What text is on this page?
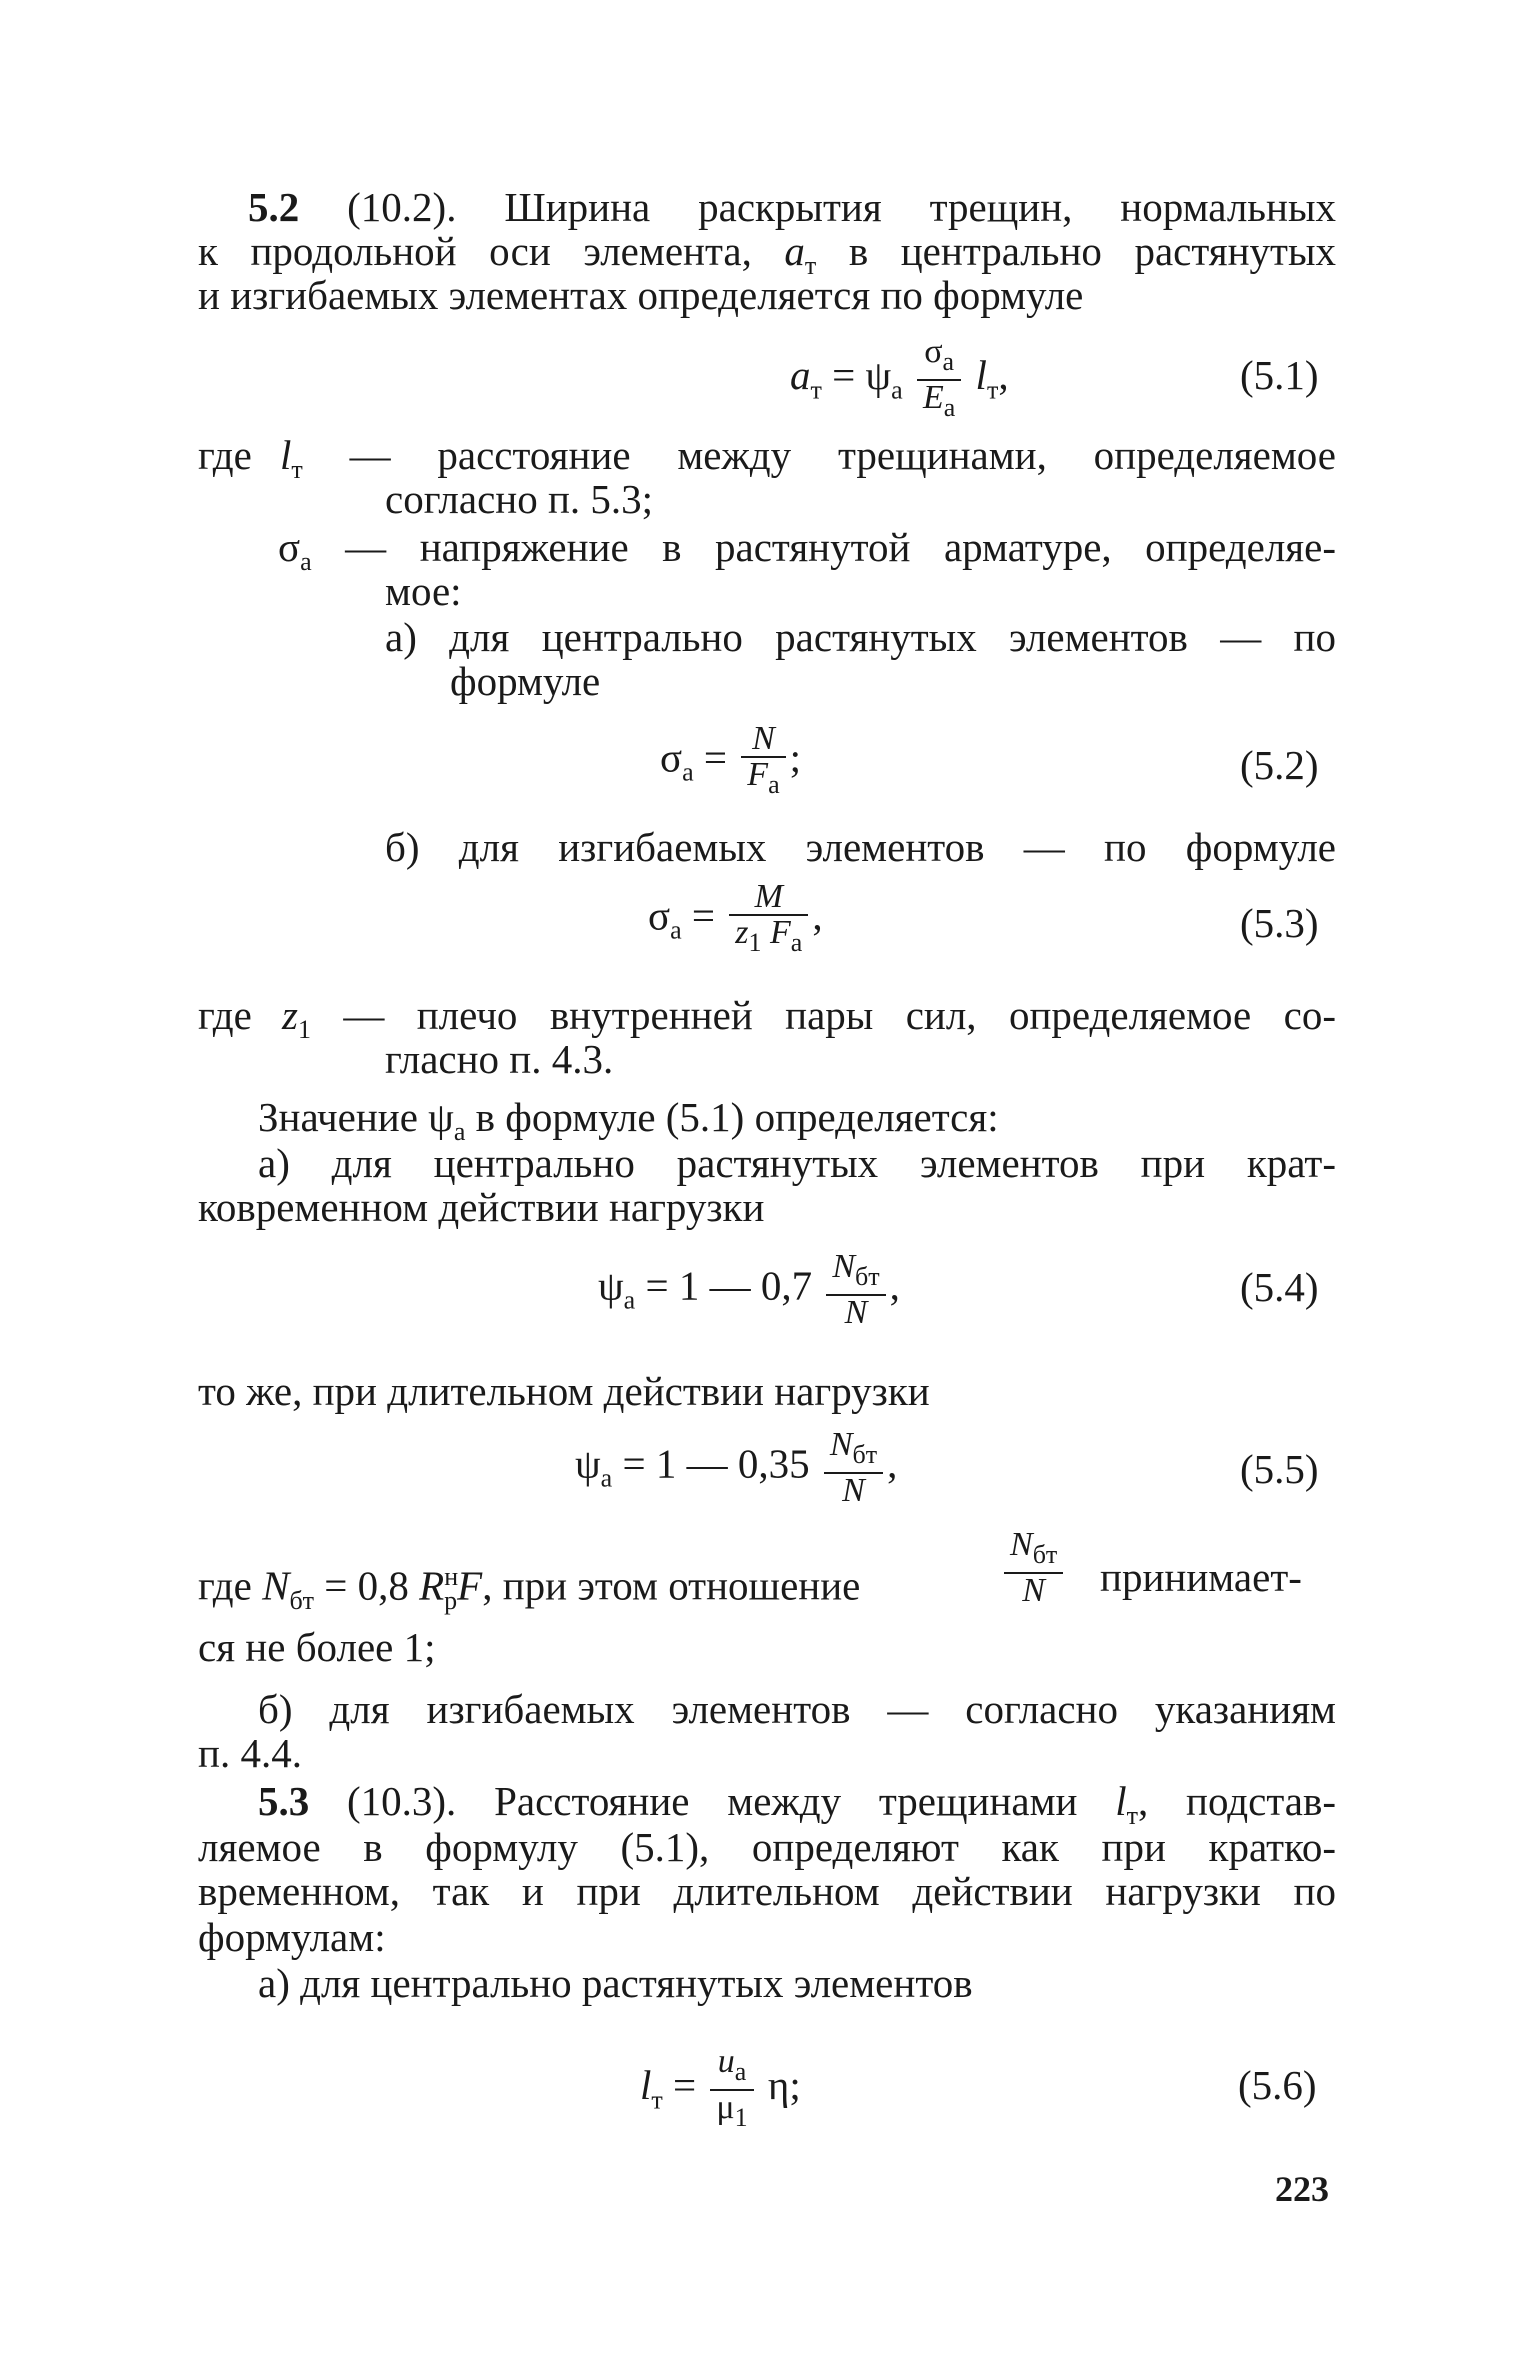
5.2 (10.2). Ширина раскрытия трещин, нормальных
к продольной оси элемента, $a_т$ в центрально растянутых
и изгибаемых элементах определяется по формуле
$a_т = \psi_а \frac{\sigma_а}{E_а} l_т$,	(5.1)
где $l_т$ — расстояние между трещинами, определяемое
согласно п. 5.3;
$\sigma_а$ — напряжение в растянутой арматуре, определяе-
мое:
а) для центрально растянутых элементов — по
формуле
$\sigma_а = \frac{N}{F_а}$ ;	(5.2)
б) для изгибаемых элементов — по формуле
$\sigma_а = \frac{M}{z_1 F_а}$ ,	(5.3)
где $z_1$ — плечо внутренней пары сил, определяемое со-
гласно п. 4.3.
Значение $\psi_а$ в формуле (5.1) определяется:
а) для центрально растянутых элементов при крат-
ковременном действии нагрузки
$\psi_а = 1$ — $0,7 \frac{N_{бт}}{N}$ ,	(5.4)
то же, при длительном действии нагрузки
$\psi_а = 1$ — $0,35 \frac{N_{бт}}{N}$ ,	(5.5)
где $N_{бт} = 0,8$ $R^н_рF$, при этом отношение	$\frac{N_{бт}}{N}$ принимает-
ся не более 1;
б) для изгибаемых элементов — согласно указаниям
п. 4.4.
5.3 (10.3). Расстояние между трещинами $l_т$, подстав-
ляемое в формулу (5.1), определяют как при кратко-
временном, так и при длительном действии нагрузки по
формулам:
а) для центрально растянутых элементов
$l_т = \frac{u_а}{\mu_1} \eta$;	(5.6)
223
